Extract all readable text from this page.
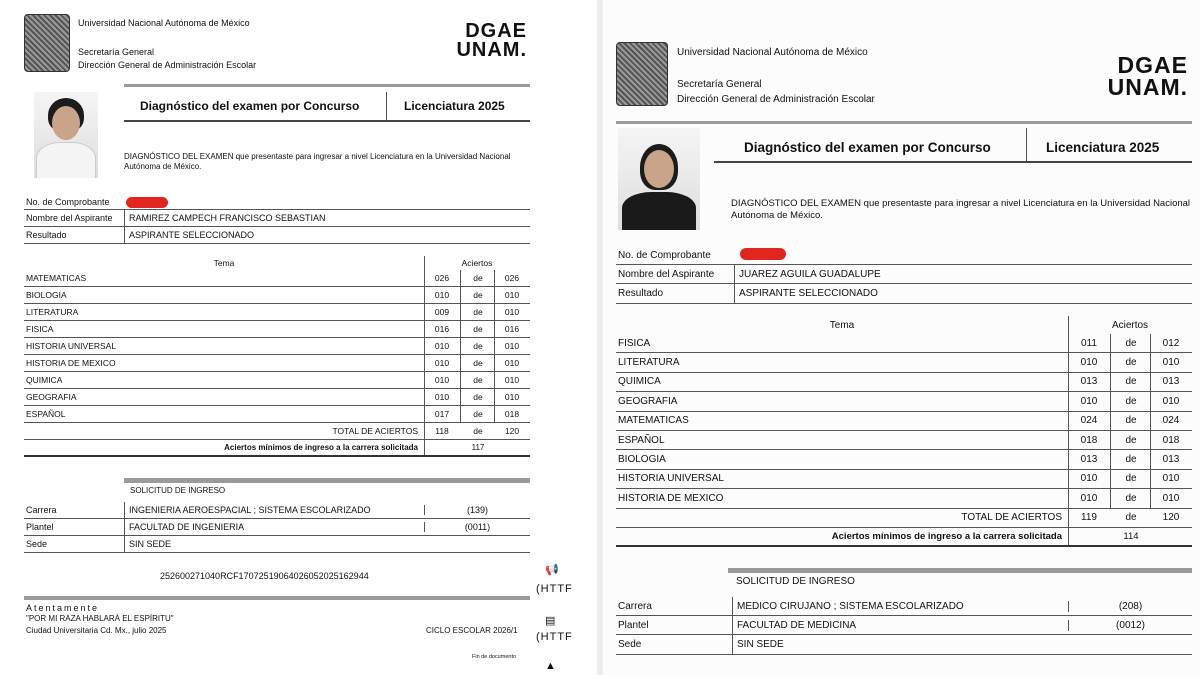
Universidad Nacional Autónoma de México
Secretaría General
Dirección General de Administración Escolar
DGAE
UNAM.
Diagnóstico del examen por Concurso	Licenciatura 2025
DIAGNÓSTICO DEL EXAMEN que presentaste para ingresar a nivel Licenciatura en la Universidad Nacional Autónoma de México.
No. de Comprobante
Nombre del Aspirante	RAMIREZ CAMPECH FRANCISCO SEBASTIAN
Resultado	ASPIRANTE SELECCIONADO
Tema	Aciertos
MATEMATICAS	026	de	026
BIOLOGIA	010	de	010
LITERATURA	009	de	010
FISICA	016	de	016
HISTORIA UNIVERSAL	010	de	010
HISTORIA DE MEXICO	010	de	010
QUIMICA	010	de	010
GEOGRAFIA	010	de	010
ESPAÑOL	017	de	018
TOTAL DE ACIERTOS	118	de	120
Aciertos mínimos de ingreso a la carrera solicitada	117
SOLICITUD DE INGRESO
Carrera	INGENIERIA AEROESPACIAL ; SISTEMA ESCOLARIZADO	(139)
Plantel	FACULTAD DE INGENIERIA	(0011)
Sede	SIN SEDE
252600271040RCF170725190640260520251629​44
Atentamente
"POR MI RAZA HABLARÁ EL ESPÍRITU"
Ciudad Universitaria Cd. Mx., julio 2025	CICLO ESCOLAR 2026/1
Fin de documento
📢
(HTTF
▤
(HTTF
▲
Universidad Nacional Autónoma de México
Secretaría General
Dirección General de Administración Escolar
DGAE
UNAM.
Diagnóstico del examen por Concurso	Licenciatura 2025
DIAGNÓSTICO DEL EXAMEN que presentaste para ingresar a nivel Licenciatura en la Universidad Nacional Autónoma de México.
No. de Comprobante
Nombre del Aspirante	JUAREZ AGUILA GUADALUPE
Resultado	ASPIRANTE SELECCIONADO
Tema	Aciertos
FISICA	011	de	012
LITERATURA	010	de	010
QUIMICA	013	de	013
GEOGRAFIA	010	de	010
MATEMATICAS	024	de	024
ESPAÑOL	018	de	018
BIOLOGIA	013	de	013
HISTORIA UNIVERSAL	010	de	010
HISTORIA DE MEXICO	010	de	010
TOTAL DE ACIERTOS	119	de	120
Aciertos mínimos de ingreso a la carrera solicitada	114
SOLICITUD DE INGRESO
Carrera	MEDICO CIRUJANO ; SISTEMA ESCOLARIZADO	(208)
Plantel	FACULTAD DE MEDICINA	(0012)
Sede	SIN SEDE
